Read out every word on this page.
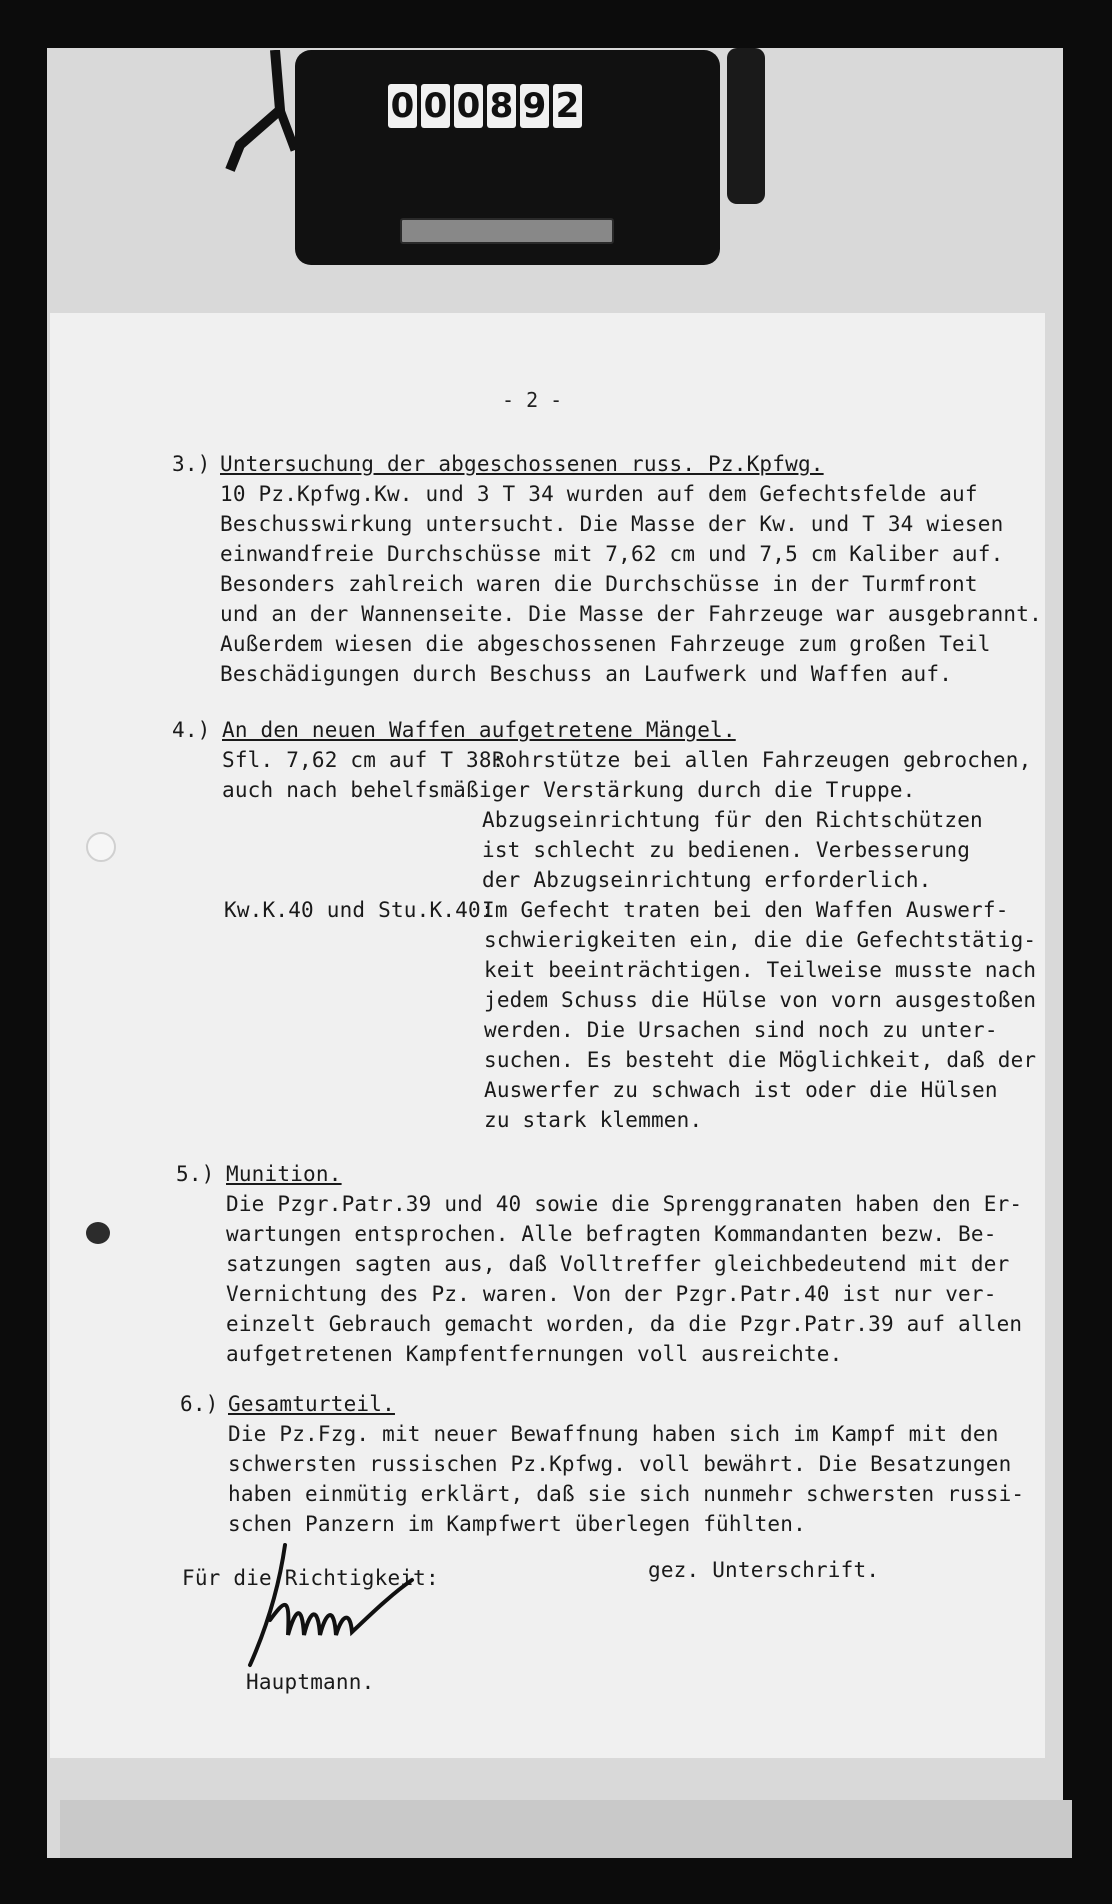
0 0 0 8 9 2
- 2 -
3.) Untersuchung der abgeschossenen russ. Pz.Kpfwg.
10 Pz.Kpfwg.Kw. und 3 T 34 wurden auf dem Gefechtsfelde auf
Beschusswirkung untersucht. Die Masse der Kw. und T 34 wiesen
einwandfreie Durchschüsse mit 7,62 cm und 7,5 cm Kaliber auf.
Besonders zahlreich waren die Durchschüsse in der Turmfront
und an der Wannenseite. Die Masse der Fahrzeuge war ausgebrannt.
Außerdem wiesen die abgeschossenen Fahrzeuge zum großen Teil
Beschädigungen durch Beschuss an Laufwerk und Waffen auf.
4.) An den neuen Waffen aufgetretene Mängel.
Sfl. 7,62 cm auf T 38:
Rohrstütze bei allen Fahrzeugen gebrochen,
auch nach behelfsmäßiger Verstärkung durch die Truppe.
Abzugseinrichtung für den Richtschützen
ist schlecht zu bedienen. Verbesserung
der Abzugseinrichtung erforderlich.
Kw.K.40 und Stu.K.40:
Im Gefecht traten bei den Waffen Auswerf-
schwierigkeiten ein, die die Gefechtstätig-
keit beeinträchtigen. Teilweise musste nach
jedem Schuss die Hülse von vorn ausgestoßen
werden. Die Ursachen sind noch zu unter-
suchen. Es besteht die Möglichkeit, daß der
Auswerfer zu schwach ist oder die Hülsen
zu stark klemmen.
5.) Munition.
Die Pzgr.Patr.39 und 40 sowie die Sprenggranaten haben den Er-
wartungen entsprochen. Alle befragten Kommandanten bezw. Be-
satzungen sagten aus, daß Volltreffer gleichbedeutend mit der
Vernichtung des Pz. waren. Von der Pzgr.Patr.40 ist nur ver-
einzelt Gebrauch gemacht worden, da die Pzgr.Patr.39 auf allen
aufgetretenen Kampfentfernungen voll ausreichte.
6.) Gesamturteil.
Die Pz.Fzg. mit neuer Bewaffnung haben sich im Kampf mit den
schwersten russischen Pz.Kpfwg. voll bewährt. Die Besatzungen
haben einmütig erklärt, daß sie sich nunmehr schwersten russi-
schen Panzern im Kampfwert überlegen fühlten.
Für die Richtigkeit:	gez. Unterschrift.
Hauptmann.
